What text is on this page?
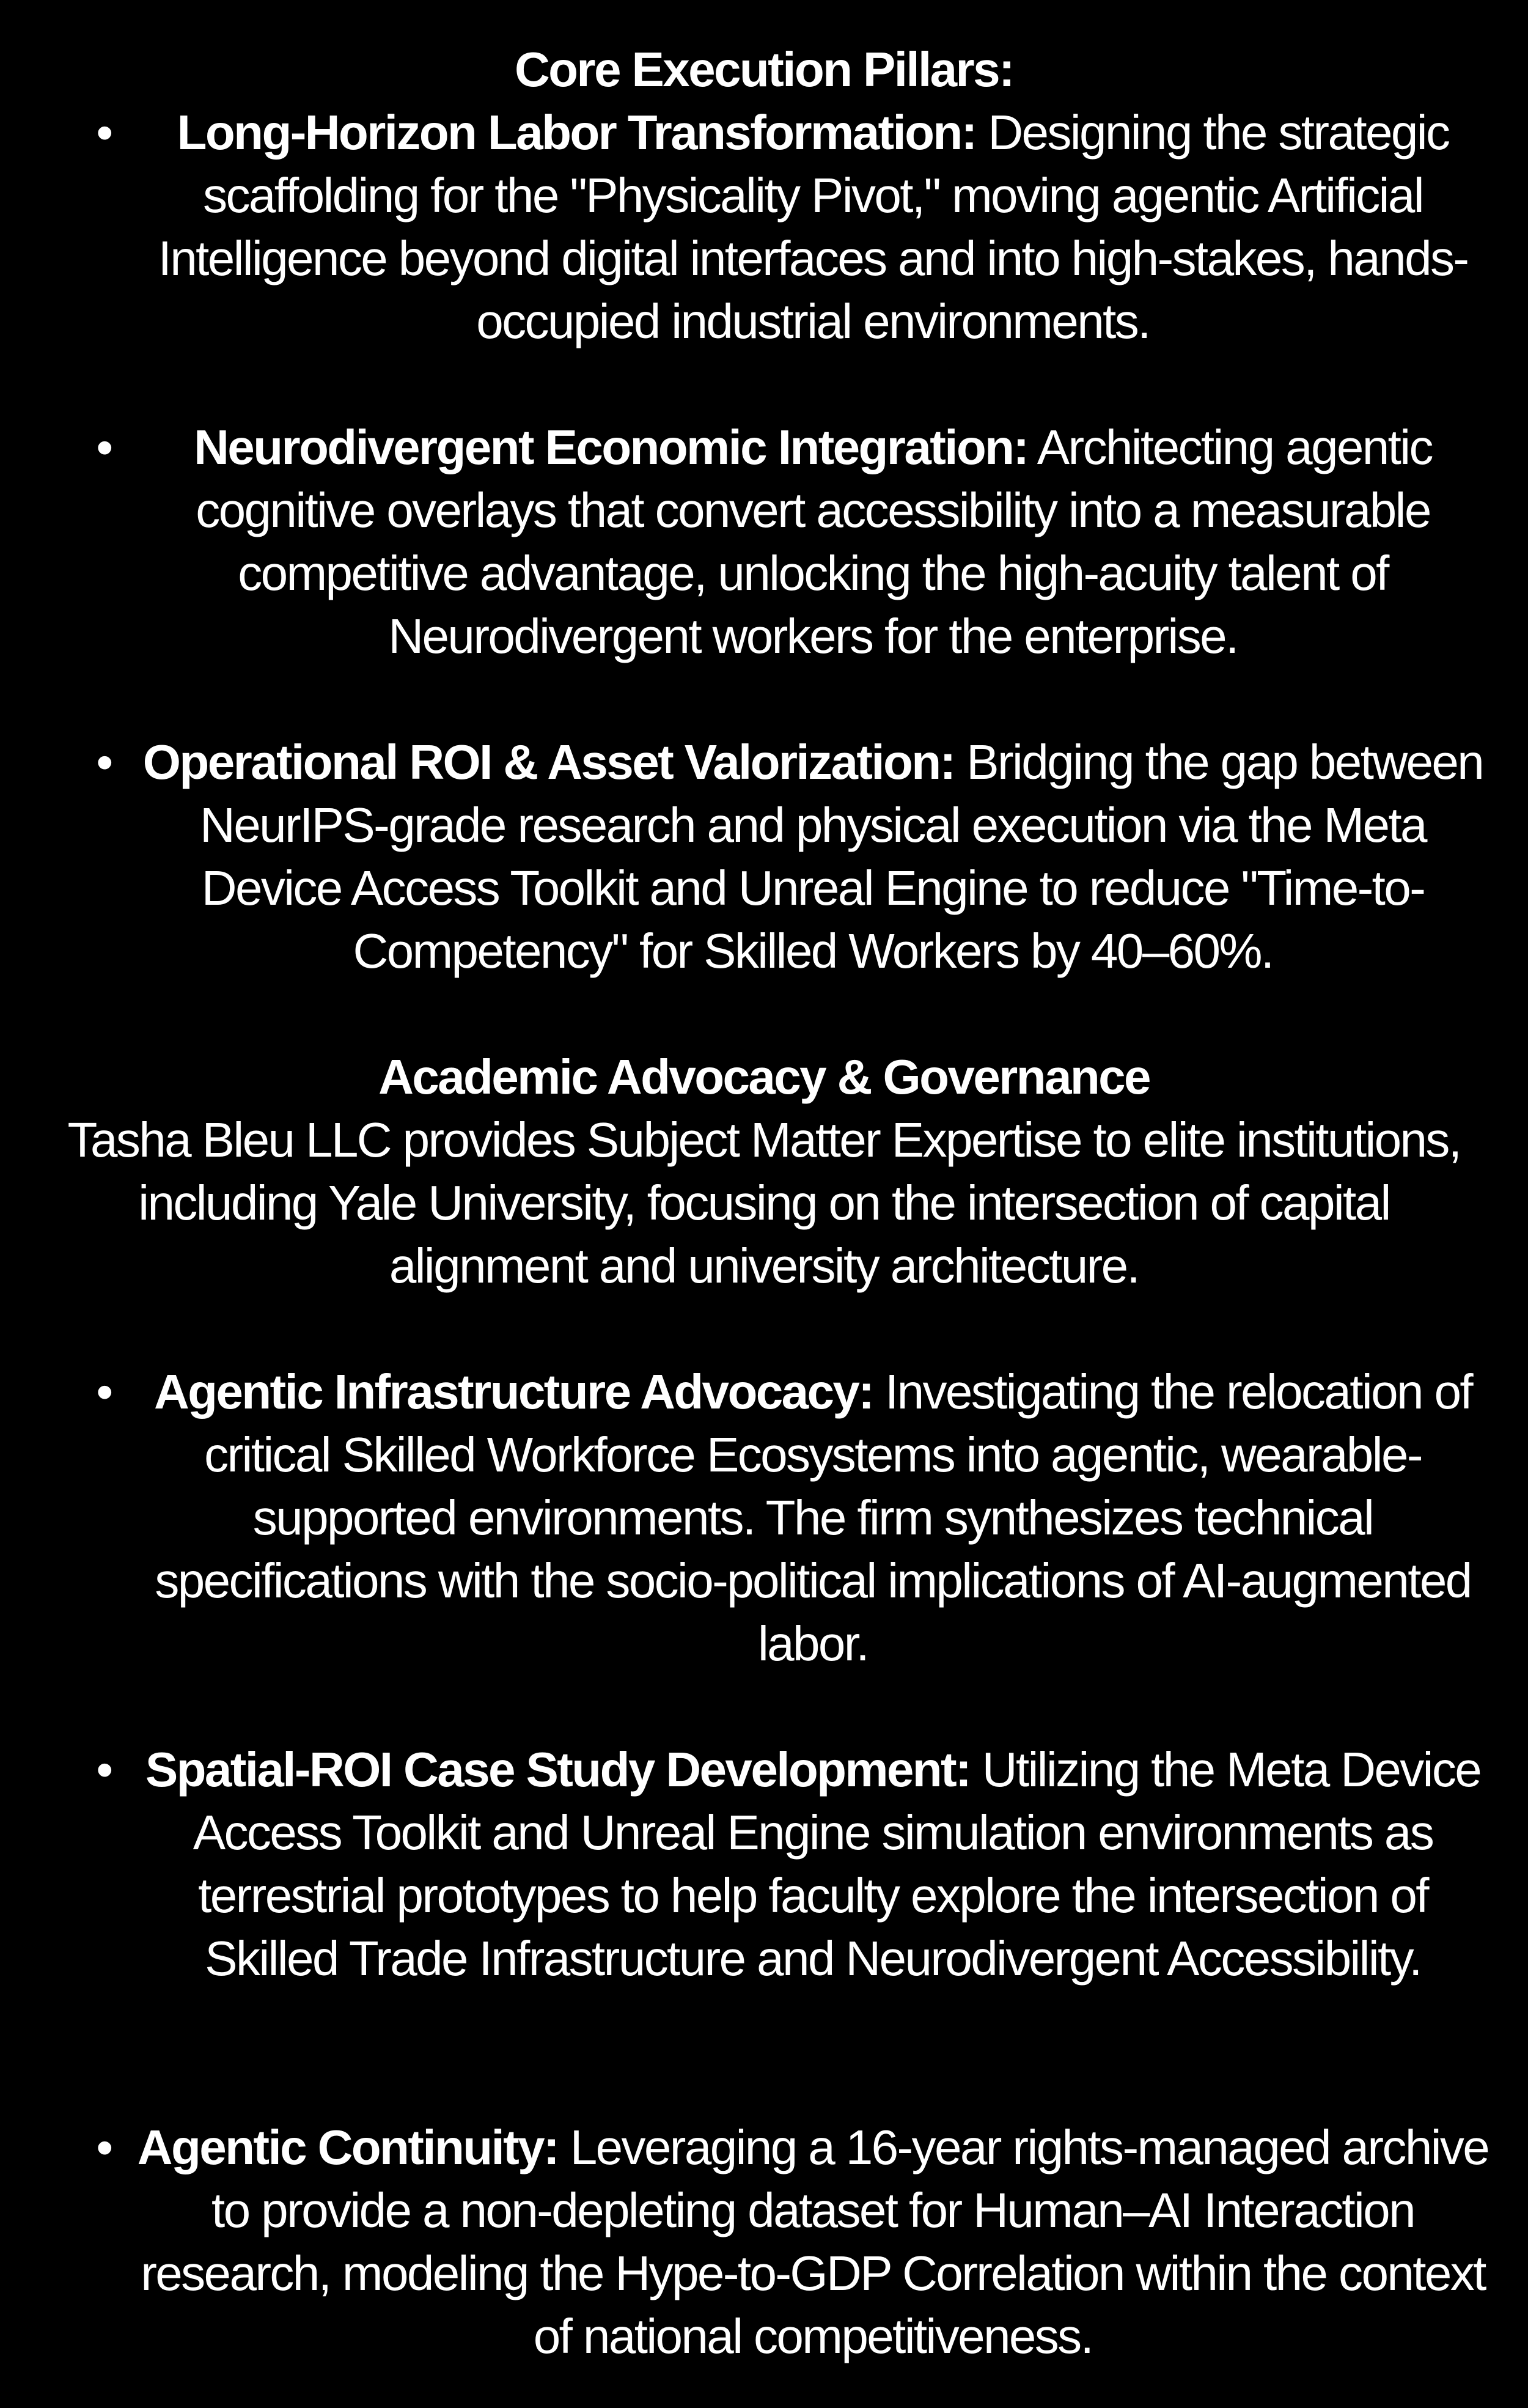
Core Execution Pillars:
•	Long-Horizon Labor Transformation: Designing the strategic scaffolding for the "Physicality Pivot," moving agentic Artificial Intelligence beyond digital interfaces and into high-stakes, hands-occupied industrial environments.
•	Neurodivergent Economic Integration: Architecting agentic cognitive overlays that convert accessibility into a measurable competitive advantage, unlocking the high-acuity talent of Neurodivergent workers for the enterprise.
• Operational ROI & Asset Valorization: Bridging the gap between NeurIPS-grade research and physical execution via the Meta Device Access Toolkit and Unreal Engine to reduce "Time-to-Competency" for Skilled Workers by 40–60%.
Academic Advocacy & Governance
Tasha Bleu LLC provides Subject Matter Expertise to elite institutions, including Yale University, focusing on the intersection of capital alignment and university architecture.
• Agentic Infrastructure Advocacy: Investigating the relocation of critical Skilled Workforce Ecosystems into agentic, wearable-supported environments. The firm synthesizes technical specifications with the socio-political implications of AI-augmented labor.
• Spatial-ROI Case Study Development: Utilizing the Meta Device Access Toolkit and Unreal Engine simulation environments as terrestrial prototypes to help faculty explore the intersection of Skilled Trade Infrastructure and Neurodivergent Accessibility.
• Agentic Continuity: Leveraging a 16-year rights-managed archive to provide a non-depleting dataset for Human–AI Interaction research, modeling the Hype-to-GDP Correlation within the context of national competitiveness.
